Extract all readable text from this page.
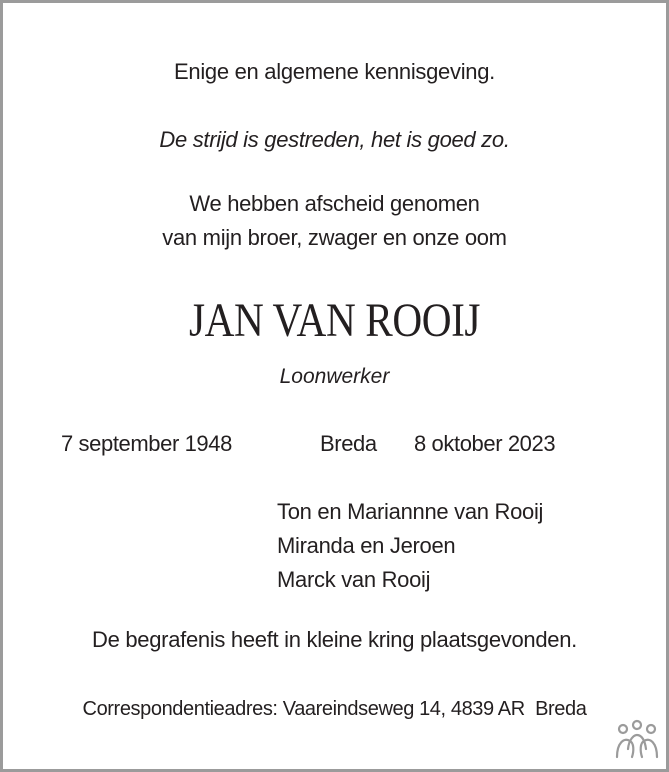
Enige en algemene kennisgeving.
De strijd is gestreden, het is goed zo.
We hebben afscheid genomen
van mijn broer, zwager en onze oom
JAN VAN ROOIJ
Loonwerker
7 september 1948	Breda 8 oktober 2023
Ton en Mariannne van Rooij
Miranda en Jeroen
Marck van Rooij
De begrafenis heeft in kleine kring plaatsgevonden.
Correspondentieadres: Vaareindseweg 14, 4839 AR  Breda
